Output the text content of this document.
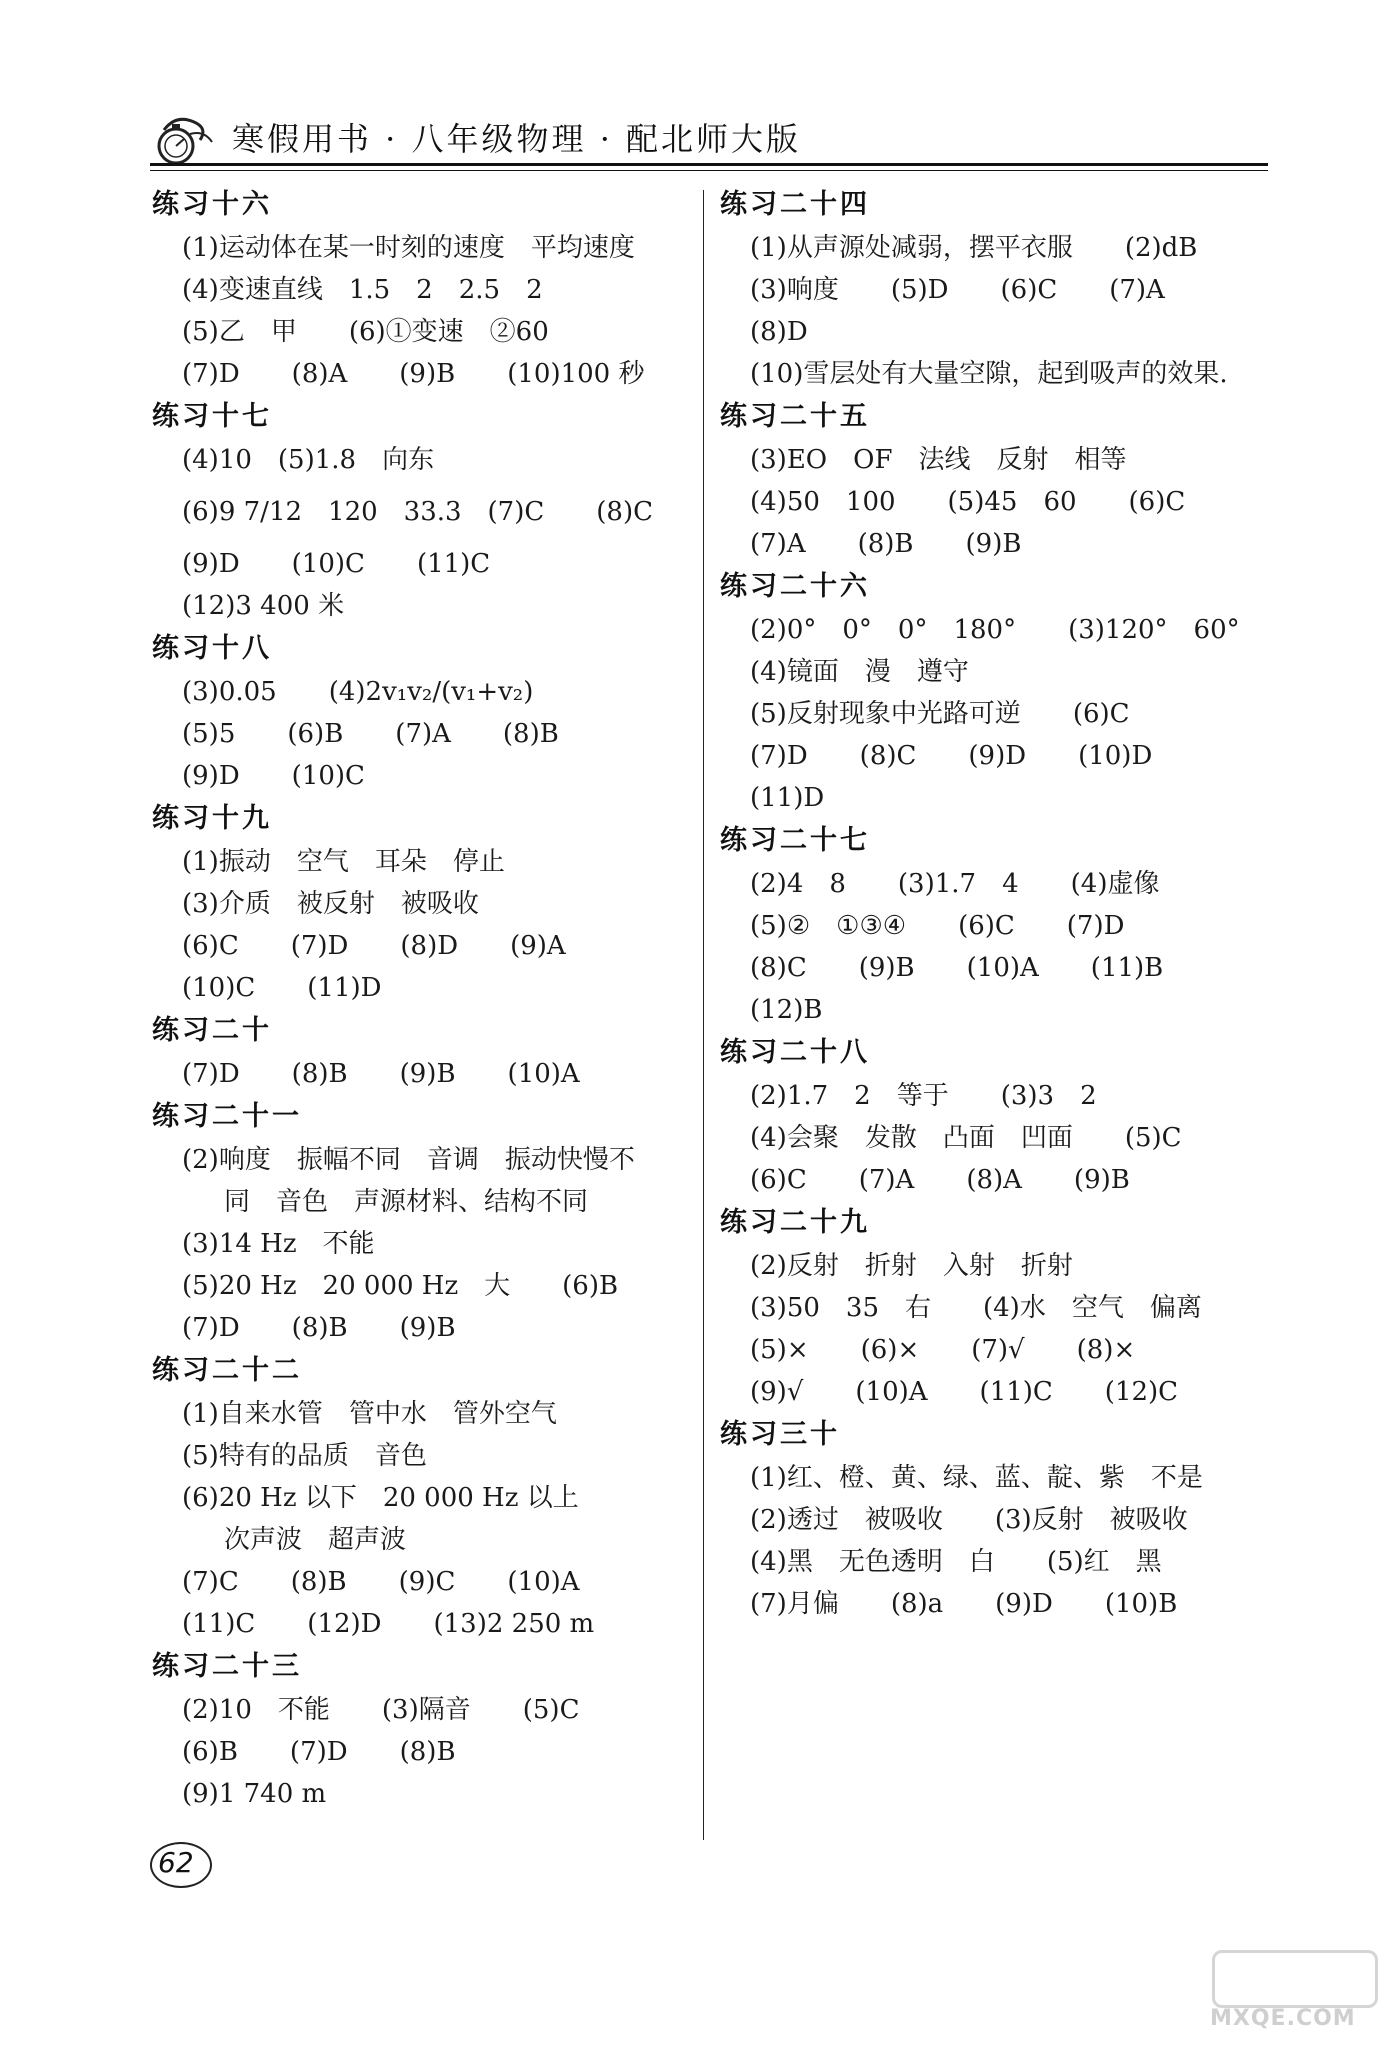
寒假用书 · 八年级物理 · 配北师大版
练习十六
(1)运动体在某一时刻的速度　平均速度
(4)变速直线　1.5　2　2.5　2
(5)乙　甲　　(6)①变速　②60
(7)D　　(8)A　　(9)B　　(10)100 秒
练习十七
(4)10　(5)1.8　向东
(6)9 7/12　120　33.3　(7)C　　(8)C
(9)D　　(10)C　　(11)C
(12)3 400 米
练习十八
(3)0.05　　(4)2v₁v₂/(v₁+v₂)
(5)5　　(6)B　　(7)A　　(8)B
(9)D　　(10)C
练习十九
(1)振动　空气　耳朵　停止
(3)介质　被反射　被吸收
(6)C　　(7)D　　(8)D　　(9)A
(10)C　　(11)D
练习二十
(7)D　　(8)B　　(9)B　　(10)A
练习二十一
(2)响度　振幅不同　音调　振动快慢不
同　音色　声源材料、结构不同
(3)14 Hz　不能
(5)20 Hz　20 000 Hz　大　　(6)B
(7)D　　(8)B　　(9)B
练习二十二
(1)自来水管　管中水　管外空气
(5)特有的品质　音色
(6)20 Hz 以下　20 000 Hz 以上
次声波　超声波
(7)C　　(8)B　　(9)C　　(10)A
(11)C　　(12)D　　(13)2 250 m
练习二十三
(2)10　不能　　(3)隔音　　(5)C
(6)B　　(7)D　　(8)B
(9)1 740 m
练习二十四
(1)从声源处减弱，摆平衣服　　(2)dB
(3)响度　　(5)D　　(6)C　　(7)A
(8)D
(10)雪层处有大量空隙，起到吸声的效果.
练习二十五
(3)EO　OF　法线　反射　相等
(4)50　100　　(5)45　60　　(6)C
(7)A　　(8)B　　(9)B
练习二十六
(2)0°　0°　0°　180°　　(3)120°　60°
(4)镜面　漫　遵守
(5)反射现象中光路可逆　　(6)C
(7)D　　(8)C　　(9)D　　(10)D
(11)D
练习二十七
(2)4　8　　(3)1.7　4　　(4)虚像
(5)②　①③④　　(6)C　　(7)D
(8)C　　(9)B　　(10)A　　(11)B
(12)B
练习二十八
(2)1.7　2　等于　　(3)3　2
(4)会聚　发散　凸面　凹面　　(5)C
(6)C　　(7)A　　(8)A　　(9)B
练习二十九
(2)反射　折射　入射　折射
(3)50　35　右　　(4)水　空气　偏离
(5)×　　(6)×　　(7)√　　(8)×
(9)√　　(10)A　　(11)C　　(12)C
练习三十
(1)红、橙、黄、绿、蓝、靛、紫　不是
(2)透过　被吸收　　(3)反射　被吸收
(4)黑　无色透明　白　　(5)红　黑
(7)月偏　　(8)a　　(9)D　　(10)B
62
MXQE.COM
